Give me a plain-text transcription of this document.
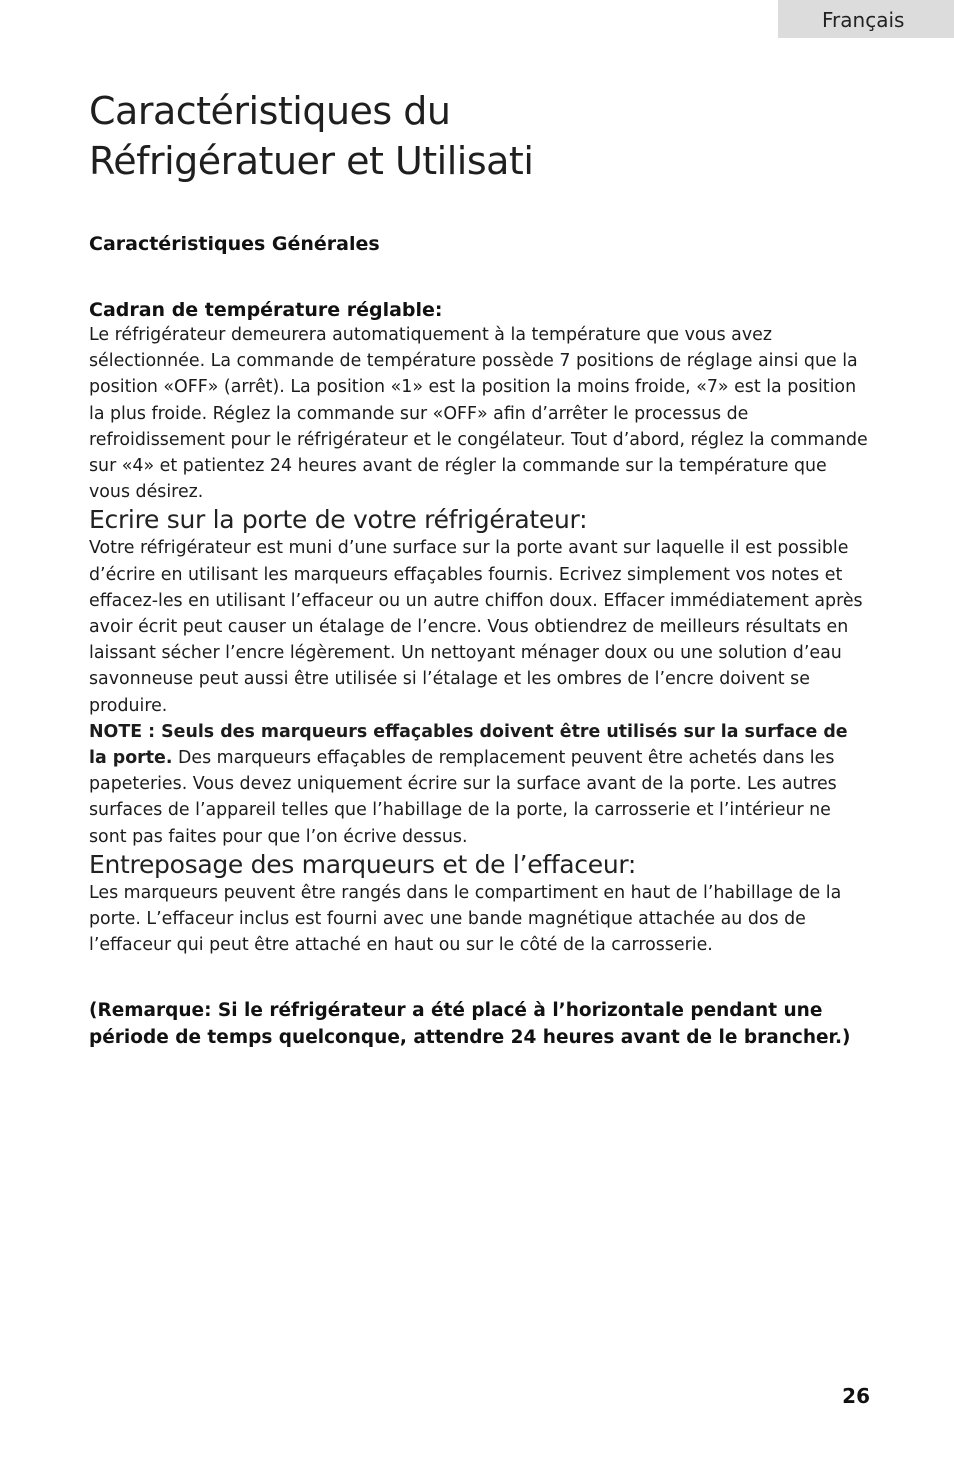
Français
Caractéristiques du
Réfrigératuer et Utilisati

Caractéristiques Générales

Cadran de température réglable:

Le réfrigérateur demeurera automatiquement à la température que vous avez sélectionnée. La commande de température possède 7 positions de réglage ainsi que la position «OFF» (arrêt). La position «1» est la position la moins froide, «7» est la position la plus froide. Réglez la commande sur «OFF» afin d’arrêter le processus de refroidissement pour le réfrigérateur et le congélateur. Tout d’abord, réglez la commande sur «4» et patientez 24 heures avant de régler la commande sur la température que vous désirez.

Ecrire sur la porte de votre réfrigérateur:

Votre réfrigérateur est muni d’une surface sur la porte avant sur laquelle il est possible d’écrire en utilisant les marqueurs effaçables fournis. Ecrivez simplement vos notes et effacez-les en utilisant l’effaceur ou un autre chiffon doux. Effacer immédiatement après avoir écrit peut causer un étalage de l’encre. Vous obtiendrez de meilleurs résultats en laissant sécher l’encre légèrement. Un nettoyant ménager doux ou une solution d’eau savonneuse peut aussi être utilisée si l’étalage et les ombres de l’encre doivent se produire.

NOTE : Seuls des marqueurs effaçables doivent être utilisés sur la surface de la porte. Des marqueurs effaçables de remplacement peuvent être achetés dans les papeteries. Vous devez uniquement écrire sur la surface avant de la porte. Les autres surfaces de l’appareil telles que l’habillage de la porte, la carrosserie et l’intérieur ne sont pas faites pour que l’on écrive dessus.

Entreposage des marqueurs et de l’effaceur:

Les marqueurs peuvent être rangés dans le compartiment en haut de l’habillage de la porte. L’effaceur inclus est fourni avec une bande magnétique attachée au dos de l’effaceur qui peut être attaché en haut ou sur le côté de la carrosserie.

(Remarque: Si le réfrigérateur a été placé à l’horizontale pendant une période de temps quelconque, attendre 24 heures avant de le brancher.)

26
